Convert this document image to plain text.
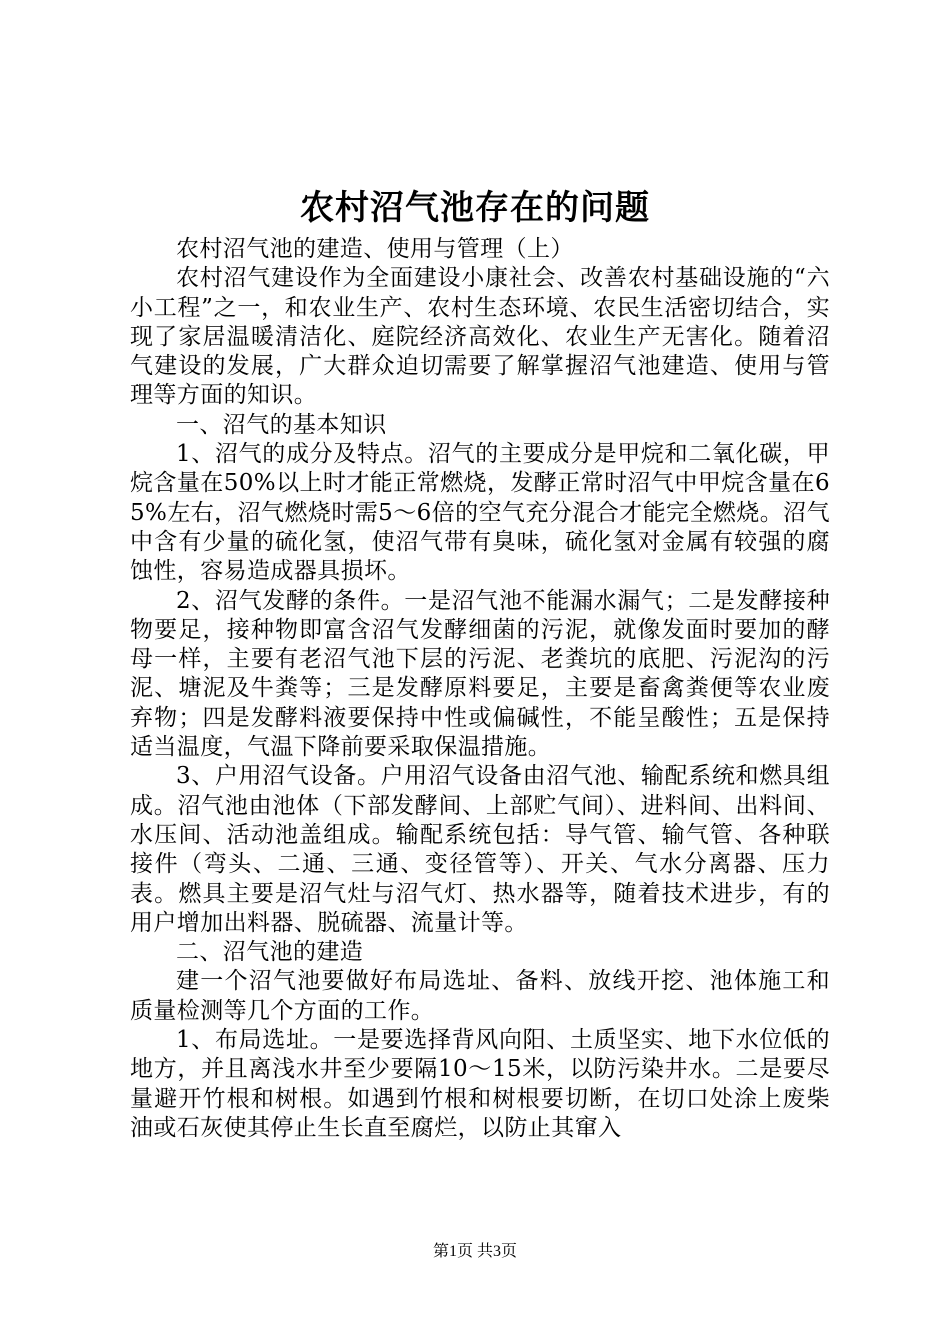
农村沼气池存在的问题

农村沼气池的建造、使用与管理（上）

农村沼气建设作为全面建设小康社会、改善农村基础设施的“六小工程”之一，和农业生产、农村生态环境、农民生活密切结合，实现了家居温暖清洁化、庭院经济高效化、农业生产无害化。随着沼气建设的发展，广大群众迫切需要了解掌握沼气池建造、使用与管理等方面的知识。

一、沼气的基本知识

1、沼气的成分及特点。沼气的主要成分是甲烷和二氧化碳，甲烷含量在50%以上时才能正常燃烧，发酵正常时沼气中甲烷含量在65%左右，沼气燃烧时需5～6倍的空气充分混合才能完全燃烧。沼气中含有少量的硫化氢，使沼气带有臭味，硫化氢对金属有较强的腐蚀性，容易造成器具损坏。

2、沼气发酵的条件。一是沼气池不能漏水漏气；二是发酵接种物要足，接种物即富含沼气发酵细菌的污泥，就像发面时要加的酵母一样，主要有老沼气池下层的污泥、老粪坑的底肥、污泥沟的污泥、塘泥及牛粪等；三是发酵原料要足，主要是畜禽粪便等农业废弃物；四是发酵料液要保持中性或偏碱性，不能呈酸性；五是保持适当温度，气温下降前要采取保温措施。

3、户用沼气设备。户用沼气设备由沼气池、输配系统和燃具组成。沼气池由池体（下部发酵间、上部贮气间）、进料间、出料间、水压间、活动池盖组成。输配系统包括：导气管、输气管、各种联接件（弯头、二通、三通、变径管等）、开关、气水分离器、压力表。燃具主要是沼气灶与沼气灯、热水器等，随着技术进步，有的用户增加出料器、脱硫器、流量计等。

二、沼气池的建造

建一个沼气池要做好布局选址、备料、放线开挖、池体施工和质量检测等几个方面的工作。

1、布局选址。一是要选择背风向阳、土质坚实、地下水位低的地方，并且离浅水井至少要隔10～15米，以防污染井水。二是要尽量避开竹根和树根。如遇到竹根和树根要切断，在切口处涂上废柴油或石灰使其停止生长直至腐烂，以防止其窜入

第1页 共3页
